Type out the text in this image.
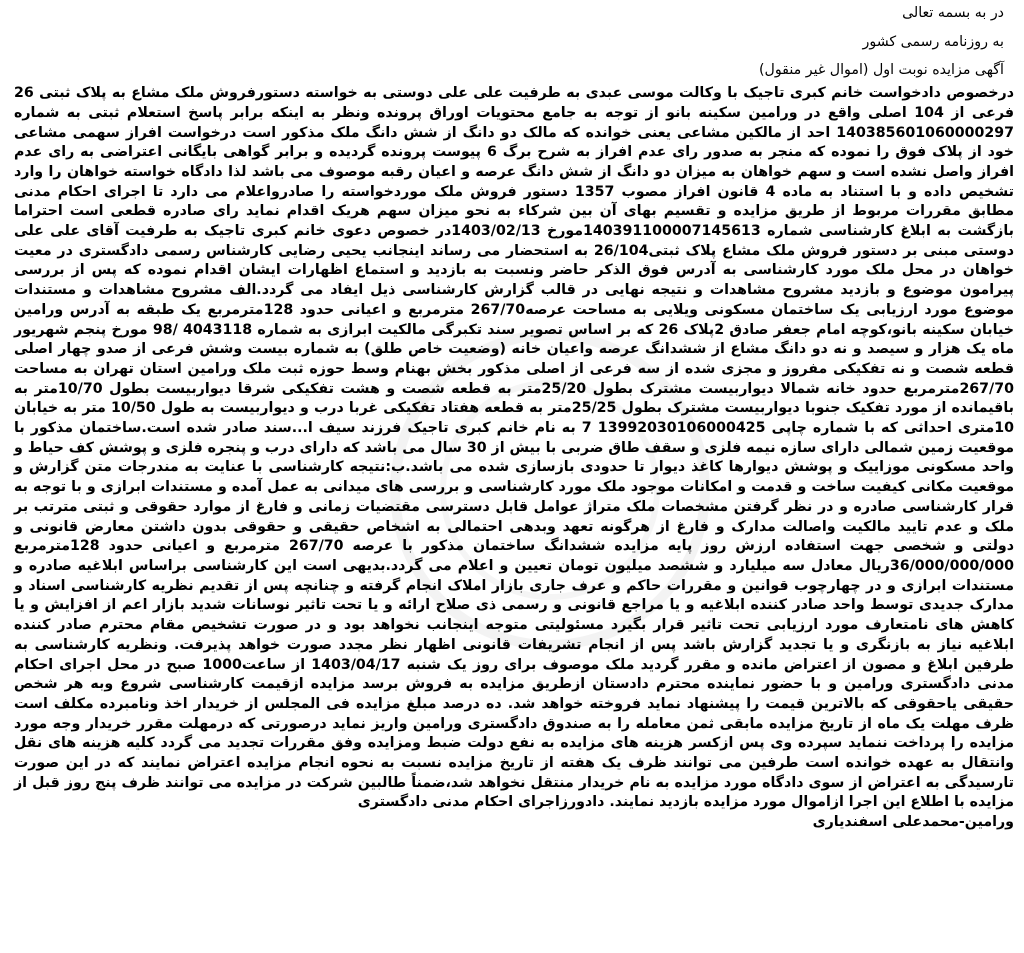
در به بسمه تعالی

به روزنامه رسمی کشور

آگهی مزایده نوبت اول (اموال غیر منقول)

درخصوص دادخواست خانم کبری تاجیک با وکالت موسی عبدی به طرفیت علی علی دوستی به خواسته دستورفروش ملک مشاع به پلاک ثبتی 26 فرعی از 104 اصلی واقع در ورامین سکینه بانو از توجه به جامع محتویات اوراق پرونده ونظر به اینکه برابر پاسخ استعلام ثبتی به شماره 140385601060000297 احد از مالکین مشاعی یعنی خوانده که مالک دو دانگ از شش دانگ ملک مذکور است درخواست افراز سهمی مشاعی خود از پلاک فوق را نموده که منجر به صدور رای عدم افراز به شرح برگ 6 پیوست پرونده گردیده و برابر گواهی بایگانی اعتراضی به رای عدم افراز واصل نشده است و سهم خواهان به میزان دو دانگ از شش دانگ عرصه و اعیان رقبه موصوف می باشد لذا دادگاه خواسته خواهان را وارد تشخیص داده و با استناد به ماده 4 قانون افراز مصوب 1357 دستور فروش ملک موردخواسته را صادرواعلام می دارد تا اجرای احکام مدنی مطابق مقررات مربوط از طریق مزایده و تقسیم بهای آن بین شرکاء به نحو میزان سهم هریک اقدام نماید رای صادره قطعی است احتراما بازگشت به ابلاغ کارشناسی شماره 140391100007145613مورخ 1403/02/13در خصوص دعوی خانم کبری تاجیک به طرفیت آقای علی علی دوستی مبنی بر دستور فروش ملک مشاع پلاک ثبتی26/104 به استحضار می رساند اینجانب یحیی رضایی کارشناس رسمی دادگستری در معیت خواهان در محل ملک مورد کارشناسی به آدرس فوق الذکر حاضر ونسبت به بازدید و استماع اظهارات ایشان اقدام نموده که پس از بررسی پیرامون موضوع و بازدید مشروح مشاهدات و نتیجه نهایی در قالب گزارش کارشناسی ذیل ایفاد می گردد.الف مشروح مشاهدات و مستندات موضوع مورد ارزیابی یک ساختمان مسکونی ویلایی به مساحت عرصه267/70 مترمربع و اعیانی حدود 128مترمربع یک طبقه به آدرس ورامین خیابان سکینه بانو،کوچه امام جعفر صادق 2پلاک 26 که بر اساس تصویر سند تکبرگی مالکیت ابرازی به شماره 4043118 /98 مورخ پنجم شهریور ماه یک هزار و سیصد و نه دو دانگ مشاع از ششدانگ عرصه واعیان خانه (وضعیت خاص طلق) به شماره بیست وشش فرعی از صدو چهار اصلی قطعه شصت و نه تفکیکی مفروز و مجزی شده از سه فرعی از اصلی مذکور بخش بهنام وسط حوزه ثبت ملک ورامین استان تهران به مساحت 267/70مترمربع حدود خانه شمالا دیواربیست مشترک بطول 25/20متر به قطعه شصت و هشت تفکیکی شرقا دیواربیست بطول 10/70متر به باقیمانده از مورد تفکیک جنوبا دیواربیست مشترک بطول 25/25متر به قطعه هفتاد تفکیکی غربا درب و دیواربیست به طول 10/50 متر به خیابان 10متری احداثی که با شماره چاپی 13992030106000425 7 به نام خانم کبری تاجیک فرزند سیف ا...سند صادر شده است.ساختمان مذکور با موقعیت زمین شمالی دارای سازه نیمه فلزی و سقف طاق ضربی با بیش از 30 سال می باشد که دارای درب و پنجره فلزی و پوشش کف حیاط و واحد مسکونی موزاییک و پوشش دیوارها کاغذ دیوار تا حدودی بازسازی شده می باشد.ب:نتیجه کارشناسی با عنایت به مندرجات متن گزارش و موقعیت مکانی کیفیت ساخت و قدمت و امکانات موجود ملک مورد کارشناسی و بررسی های میدانی به عمل آمده و مستندات ابرازی و با توجه به قرار کارشناسی صادره و در نظر گرفتن مشخصات ملک متراژ عوامل قابل دسترسی مقتضیات زمانی و فارغ از موارد حقوقی و ثبتی مترتب بر ملک و عدم تایید مالکیت واصالت مدارک و فارغ از هرگونه تعهد وبدهی احتمالی به اشخاص حقیقی و حقوقی بدون داشتن معارض قانونی و دولتی و شخصی جهت استفاده ارزش روز پایه مزایده ششدانگ ساختمان مذکور با عرصه 267/70 مترمربع و اعیانی حدود 128مترمربع 36/000/000/000ریال معادل سه میلیارد و ششصد میلیون تومان تعیین و اعلام می گردد.بدیهی است این کارشناسی براساس ابلاغیه صادره و مستندات ابرازی و در چهارچوب قوانین و مقررات حاکم و عرف جاری بازار املاک انجام گرفته و چنانچه پس از تقدیم نظریه کارشناسی اسناد و مدارک جدیدی توسط واحد صادر کننده ابلاغیه و یا مراجع قانونی و رسمی ذی صلاح ارائه و یا تحت تاثیر نوسانات شدید بازار اعم از افزایش و یا کاهش های نامتعارف مورد ارزیابی تحت تاثیر قرار بگیرد مسئولیتی متوجه اینجانب نخواهد بود و در صورت تشخیص مقام محترم صادر کننده ابلاغیه نیاز به بازنگری و یا تجدید گزارش باشد پس از انجام تشریفات قانونی اظهار نظر مجدد صورت خواهد پذیرفت. ونظریه کارشناسی به طرفین ابلاغ و مصون از اعتراض مانده و مقرر گردید ملک موصوف برای روز یک شنبه 1403/04/17 از ساعت1000 صبح در محل اجرای احکام مدنی دادگستری ورامین و با حضور نماینده محترم دادستان ازطریق مزایده به فروش برسد مزایده ازقیمت کارشناسی شروع وبه هر شخص حقیقی یاحقوقی که بالاترین قیمت را پیشنهاد نماید فروخته خواهد شد. ده درصد مبلغ مزایده فی المجلس از خریدار اخذ ونامبرده مکلف است ظرف مهلت یک ماه از تاریخ مزایده مابقی ثمن معامله را به صندوق دادگستری ورامین واریز نماید درصورتی که درمهلت مقرر خریدار وجه مورد مزایده را پرداخت ننماید سپرده وی پس ازکسر هزینه های مزایده به نفع دولت ضبط ومزایده وفق مقررات تجدید می گردد کلیه هزینه های نقل وانتقال به عهده خوانده است طرفین می توانند ظرف یک هفته از تاریخ مزایده نسبت به نحوه انجام مزایده اعتراض نمایند که در این صورت تارسیدگی به اعتراض از سوی دادگاه مورد مزایده به نام خریدار منتقل نخواهد شد،ضمناً طالبین شرکت در مزایده می توانند ظرف پنج روز قبل از مزایده با اطلاع این اجرا ازاموال مورد مزایده بازدید نمایند. دادورزاجرای احکام مدنی دادگستری

ورامین-محمدعلی اسفندیاری
